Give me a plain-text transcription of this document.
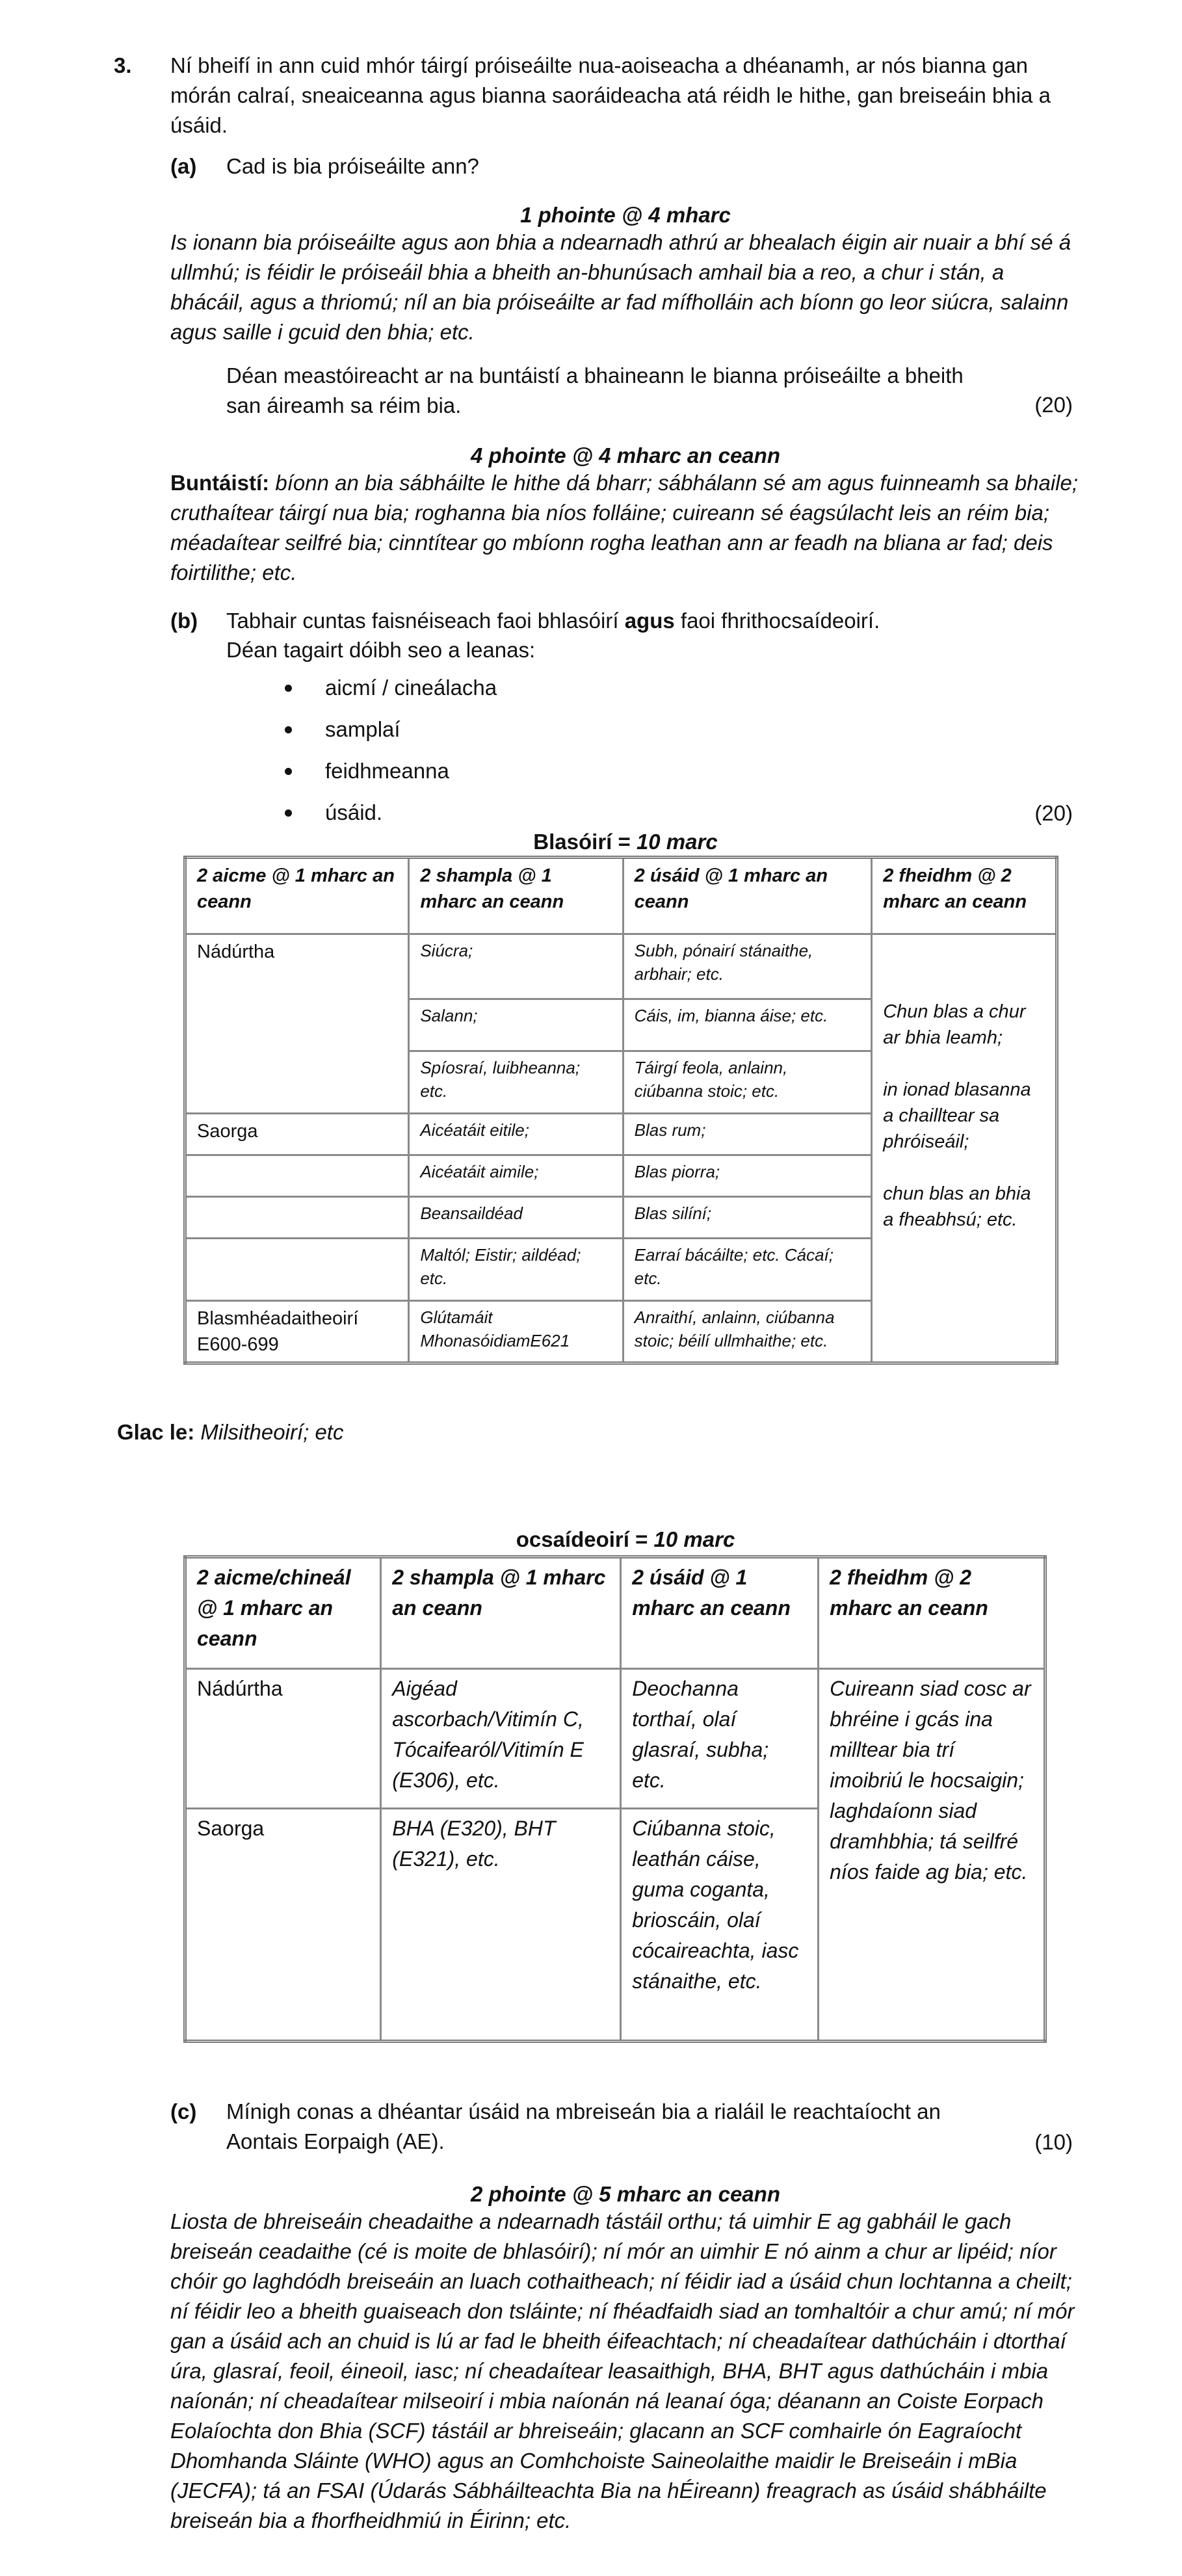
3. Ní bheifí in ann cuid mhór táirgí próiseáilte nua-aoiseacha a dhéanamh, ar nós bianna gan mórán calraí, sneaiceanna agus bianna saoráideacha atá réidh le hithe, gan breiseáin bhia a úsáid.
(a) Cad is bia próiseáilte ann?
1 phointe @ 4 mharc
Is ionann bia próiseáilte agus aon bhia a ndearnadh athrú ar bhealach éigin air nuair a bhí sé á ullmhú; is féidir le próiseáil bhia a bheith an-bhunúsach amhail bia a reo, a chur i stán, a bhácáil, agus a thriomú; níl an bia próiseáilte ar fad mífholláin ach bíonn go leor siúcra, salainn agus saille i gcuid den bhia; etc.
Déan meastóireacht ar na buntáistí a bhaineann le bianna próiseáilte a bheith san áireamh sa réim bia.	(20)
4 phointe @ 4 mharc an ceann
Buntáistí: bíonn an bia sábháilte le hithe dá bharr; sábhálann sé am agus fuinneamh sa bhaile; cruthaítear táirgí nua bia; roghanna bia níos folláine; cuireann sé éagsúlacht leis an réim bia; méadaítear seilfré bia; cinntítear go mbíonn rogha leathan ann ar feadh na bliana ar fad; deis foirtilithe; etc.
(b) Tabhair cuntas faisnéiseach faoi bhlasóirí agus faoi fhrithocsaídeoirí.
Déan tagairt dóibh seo a leanas:
aicmí / cineálacha
samplaí
feidhmeanna
úsáid.	(20)
Blasóirí = 10 marc
2 aicme @ 1 mharc an ceann	2 shampla @ 1 mharc an ceann	2 úsáid @ 1 mharc an ceann	2 fheidhm @ 2 mharc an ceann
Nádúrtha	Siúcra;	Subh, pónairí stánaithe, arbhair; etc.	Chun blas a chur ar bhia leamh;
in ionad blasanna a chailltear sa phróiseáil;
chun blas an bhia a fheabhsú; etc.

	Salann;	Cáis, im, bianna áise; etc.	
	Spíosraí, luibheanna; etc.	Táirgí feola, anlainn, ciúbanna stoic; etc.	
Saorga	Aicéatáit eitile;	Blas rum;	
	Aicéatáit aimile;	Blas piorra;	
	Beansaildéad	Blas silíní;	
	Maltól; Eistir; aildéad; etc.	Earraí bácáilte; etc. Cácaí; etc.	
Blasmhéadaitheoirí E600-699	Glútamáit MhonasóidiamE621	Anraithí, anlainn, ciúbanna stoic; béilí ullmhaithe; etc.	
Glac le: Milsitheoirí; etc
ocsaídeoirí = 10 marc
2 aicme/chineál @ 1 mharc an ceann	2 shampla @ 1 mharc an ceann	2 úsáid @ 1 mharc an ceann	2 fheidhm @ 2 mharc an ceann
Nádúrtha	Aigéad ascorbach/Vitimín C, Tócaifearól/Vitimín E (E306), etc.	Deochanna torthaí, olaí glasraí, subha; etc.	Cuireann siad cosc ar bhréine i gcás ina milltear bia trí imoibriú le hocsaigin; laghdaíonn siad dramhbhia; tá seilfré níos faide ag bia; etc.
Saorga	BHA (E320), BHT (E321), etc.	Ciúbanna stoic, leathán cáise, guma coganta, brioscáin, olaí cócaireachta, iasc stánaithe, etc.	
(c) Mínigh conas a dhéantar úsáid na mbreiseán bia a rialáil le reachtaíocht an Aontais Eorpaigh (AE).	(10)
2 phointe @ 5 mharc an ceann
Liosta de bhreiseáin cheadaithe a ndearnadh tástáil orthu; tá uimhir E ag gabháil le gach breiseán ceadaithe (cé is moite de bhlasóirí); ní mór an uimhir E nó ainm a chur ar lipéid; níor chóir go laghdódh breiseáin an luach cothaitheach; ní féidir iad a úsáid chun lochtanna a cheilt; ní féidir leo a bheith guaiseach don tsláinte; ní fhéadfaidh siad an tomhaltóir a chur amú; ní mór gan a úsáid ach an chuid is lú ar fad le bheith éifeachtach; ní cheadaítear dathúcháin i dtorthaí úra, glasraí, feoil, éineoil, iasc; ní cheadaítear leasaithigh, BHA, BHT agus dathúcháin i mbia naíonán; ní cheadaítear milseoirí i mbia naíonán ná leanaí óga; déanann an Coiste Eorpach Eolaíochta don Bhia (SCF) tástáil ar bhreiseáin; glacann an SCF comhairle ón Eagraíocht Dhomhanda Sláinte (WHO) agus an Comhchoiste Saineolaithe maidir le Breiseáin i mBia (JECFA); tá an FSAI (Údarás Sábháilteachta Bia na hÉireann) freagrach as úsáid shábháilte breiseán bia a fhorfheidhmiú in Éirinn; etc.
